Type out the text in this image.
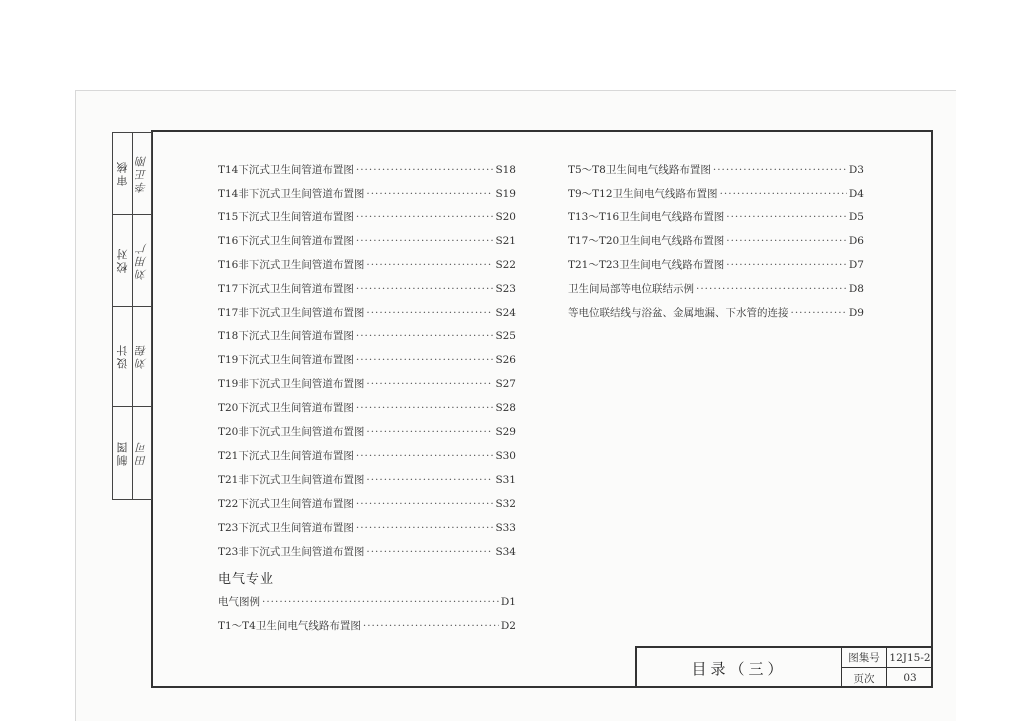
审核 李正刚
校对 刘用广
设计 刘程
制图 田可
T14下沉式卫生间管道布置图 ·····	S18
T14非下沉式卫生间管道布置图 ·····	S19
T15下沉式卫生间管道布置图 ·····	S20
T16下沉式卫生间管道布置图 ·····	S21
T16非下沉式卫生间管道布置图 ·····	S22
T17下沉式卫生间管道布置图 ·····	S23
T17非下沉式卫生间管道布置图 ·····	S24
T18下沉式卫生间管道布置图 ·····	S25
T19下沉式卫生间管道布置图 ·····	S26
T19非下沉式卫生间管道布置图 ·····	S27
T20下沉式卫生间管道布置图 ·····	S28
T20非下沉式卫生间管道布置图 ·····	S29
T21下沉式卫生间管道布置图 ·····	S30
T21非下沉式卫生间管道布置图 ·····	S31
T22下沉式卫生间管道布置图 ·····	S32
T23下沉式卫生间管道布置图 ·····	S33
T23非下沉式卫生间管道布置图 ·····	S34
电气专业
电气图例 ·····	D1
T1～T4卫生间电气线路布置图 ·····	D2
T5～T8卫生间电气线路布置图 ·····	D3
T9～T12卫生间电气线路布置图 ·····	D4
T13～T16卫生间电气线路布置图 ·····	D5
T17～T20卫生间电气线路布置图 ·····	D6
T21～T23卫生间电气线路布置图 ·····	D7
卫生间局部等电位联结示例 ·····	D8
等电位联结线与浴盆、金属地漏、下水管的连接 ·····	D9
目录（三）
图集号 12J15-2
页次	03
